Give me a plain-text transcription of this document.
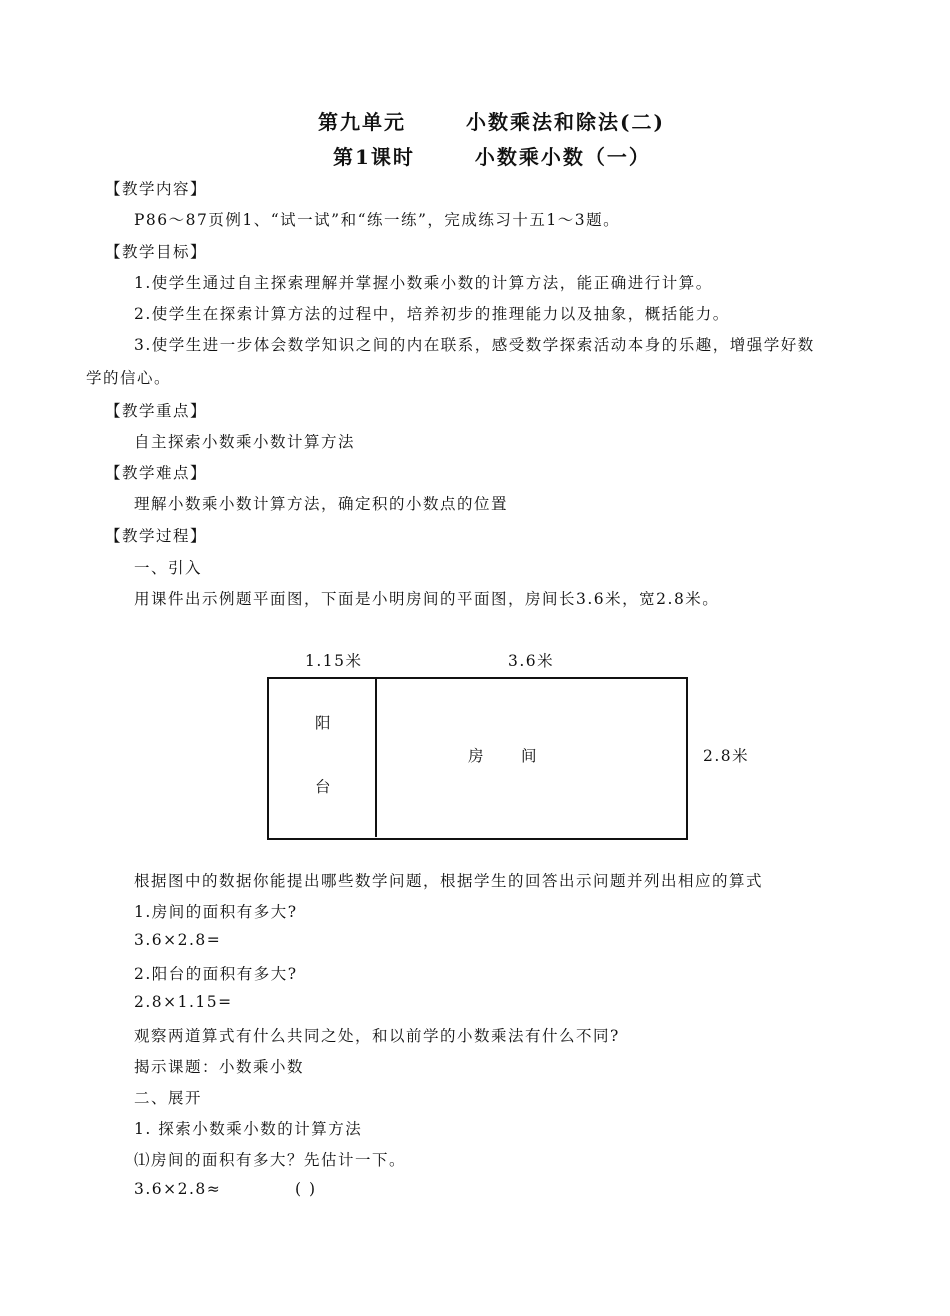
第九单元	小数乘法和除法(二)
第1课时	小数乘小数（一）
【教学内容】
P86～87页例1、“试一试”和“练一练”，完成练习十五1～3题。
【教学目标】
1.使学生通过自主探索理解并掌握小数乘小数的计算方法，能正确进行计算。
2.使学生在探索计算方法的过程中，培养初步的推理能力以及抽象，概括能力。
3.使学生进一步体会数学知识之间的内在联系，感受数学探索活动本身的乐趣，增强学好数
学的信心。
【教学重点】
自主探索小数乘小数计算方法
【教学难点】
理解小数乘小数计算方法，确定积的小数点的位置
【教学过程】
一、引入
用课件出示例题平面图，下面是小明房间的平面图，房间长3.6米，宽2.8米。
1.15米	3.6米
阳
台
房 间	2.8米
根据图中的数据你能提出哪些数学问题，根据学生的回答出示问题并列出相应的算式
1.房间的面积有多大?
3.6×2.8=
2.阳台的面积有多大?
2.8×1.15=
观察两道算式有什么共同之处，和以前学的小数乘法有什么不同?
揭示课题：小数乘小数
二、展开
1. 探索小数乘小数的计算方法
⑴房间的面积有多大？先估计一下。
3.6×2.8≈	( )
